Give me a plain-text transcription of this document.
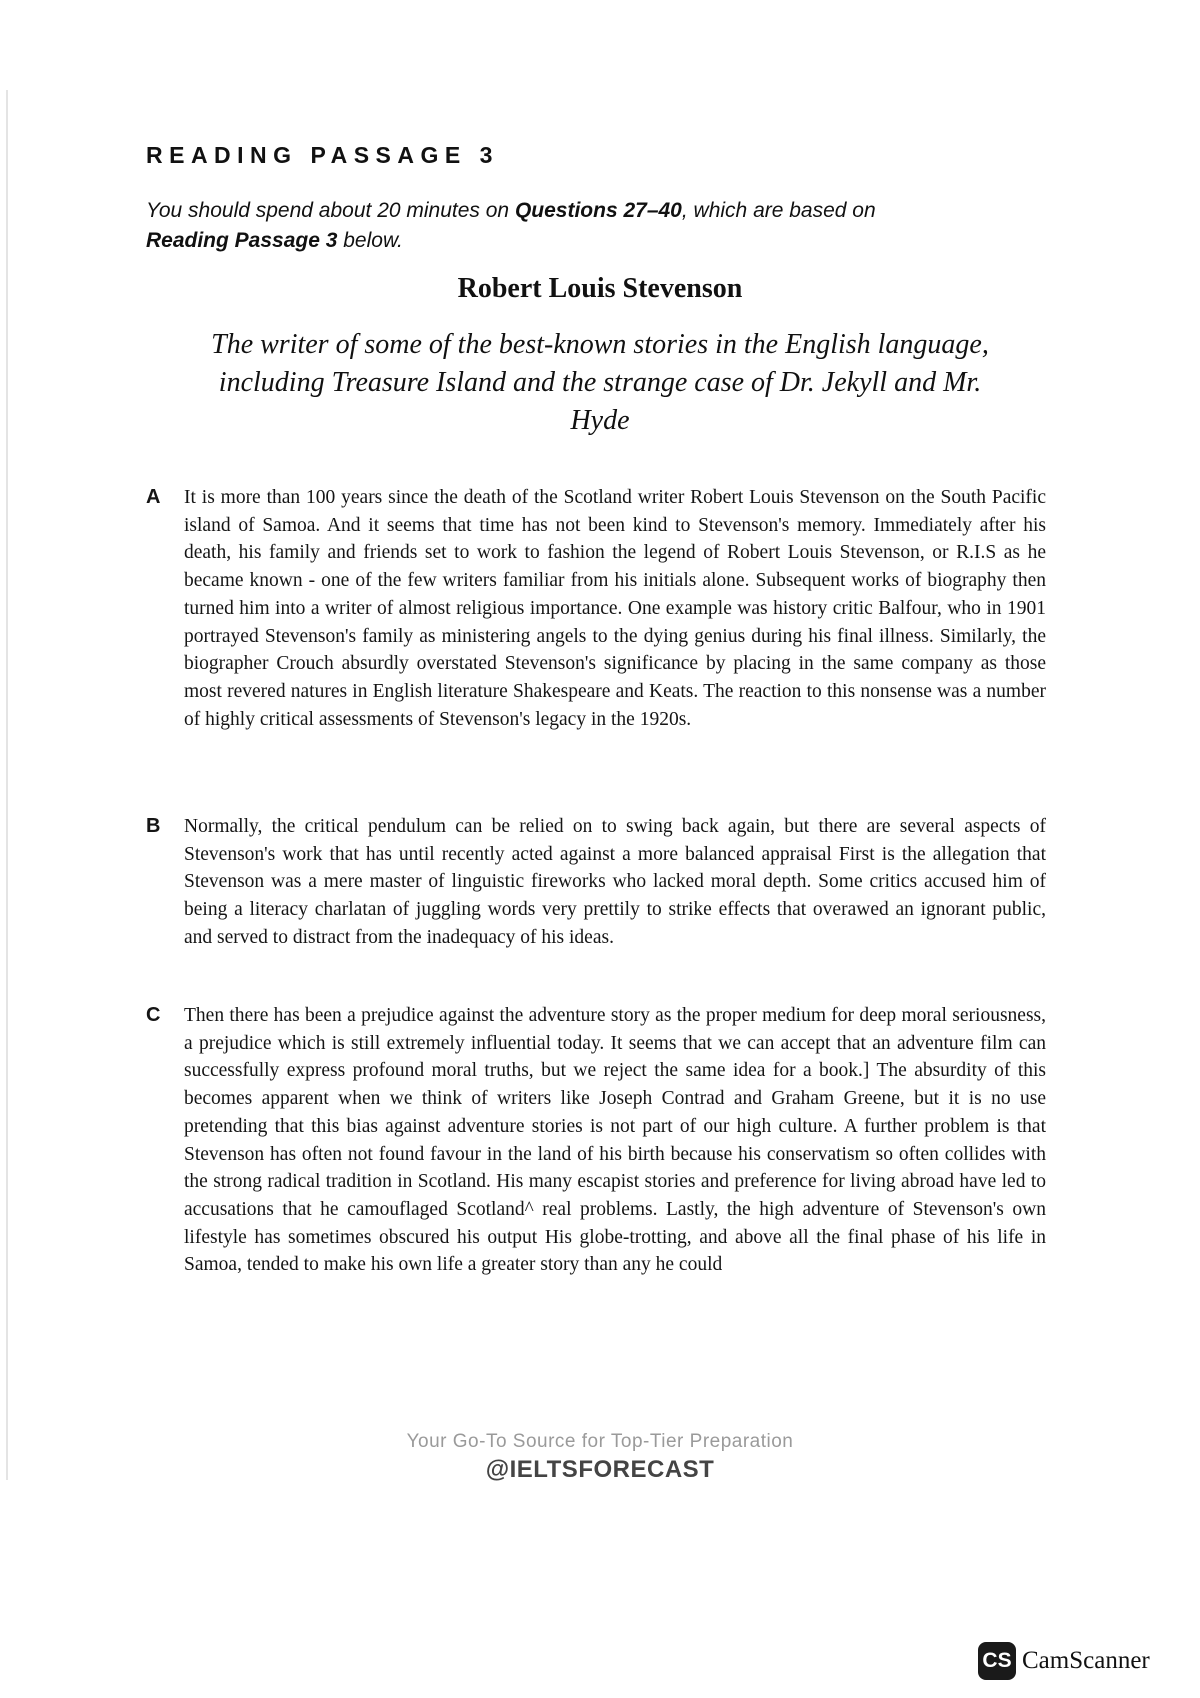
READING PASSAGE 3
You should spend about 20 minutes on Questions 27–40, which are based on
Reading Passage 3 below.
Robert Louis Stevenson
The writer of some of the best-known stories in the English language, including Treasure Island and the strange case of Dr. Jekyll and Mr. Hyde
A It is more than 100 years since the death of the Scotland writer Robert Louis Stevenson on the South Pacific island of Samoa. And it seems that time has not been kind to Stevenson's memory. Immediately after his death, his family and friends set to work to fashion the legend of Robert Louis Stevenson, or R.I.S as he became known - one of the few writers familiar from his initials alone. Subsequent works of biography then turned him into a writer of almost religious importance. One example was history critic Balfour, who in 1901 portrayed Stevenson's family as ministering angels to the dying genius during his final illness. Similarly, the biographer Crouch absurdly overstated Stevenson's significance by placing in the same company as those most revered natures in English literature Shakespeare and Keats. The reaction to this nonsense was a number of highly critical assessments of Stevenson's legacy in the 1920s.
B Normally, the critical pendulum can be relied on to swing back again, but there are several aspects of Stevenson's work that has until recently acted against a more balanced appraisal First is the allegation that Stevenson was a mere master of linguistic fireworks who lacked moral depth. Some critics accused him of being a literacy charlatan of juggling words very prettily to strike effects that overawed an ignorant public, and served to distract from the inadequacy of his ideas.
C Then there has been a prejudice against the adventure story as the proper medium for deep moral seriousness, a prejudice which is still extremely influential today. It seems that we can accept that an adventure film can successfully express profound moral truths, but we reject the same idea for a book.] The absurdity of this becomes apparent when we think of writers like Joseph Contrad and Graham Greene, but it is no use pretending that this bias against adventure stories is not part of our high culture. A further problem is that Stevenson has often not found favour in the land of his birth because his conservatism so often collides with the strong radical tradition in Scotland. His many escapist stories and preference for living abroad have led to accusations that he camouflaged Scotland^ real problems. Lastly, the high adventure of Stevenson's own lifestyle has sometimes obscured his output His globe-trotting, and above all the final phase of his life in Samoa, tended to make his own life a greater story than any he could
Your Go-To Source for Top-Tier Preparation
@IELTSFORECAST
CS CamScanner
